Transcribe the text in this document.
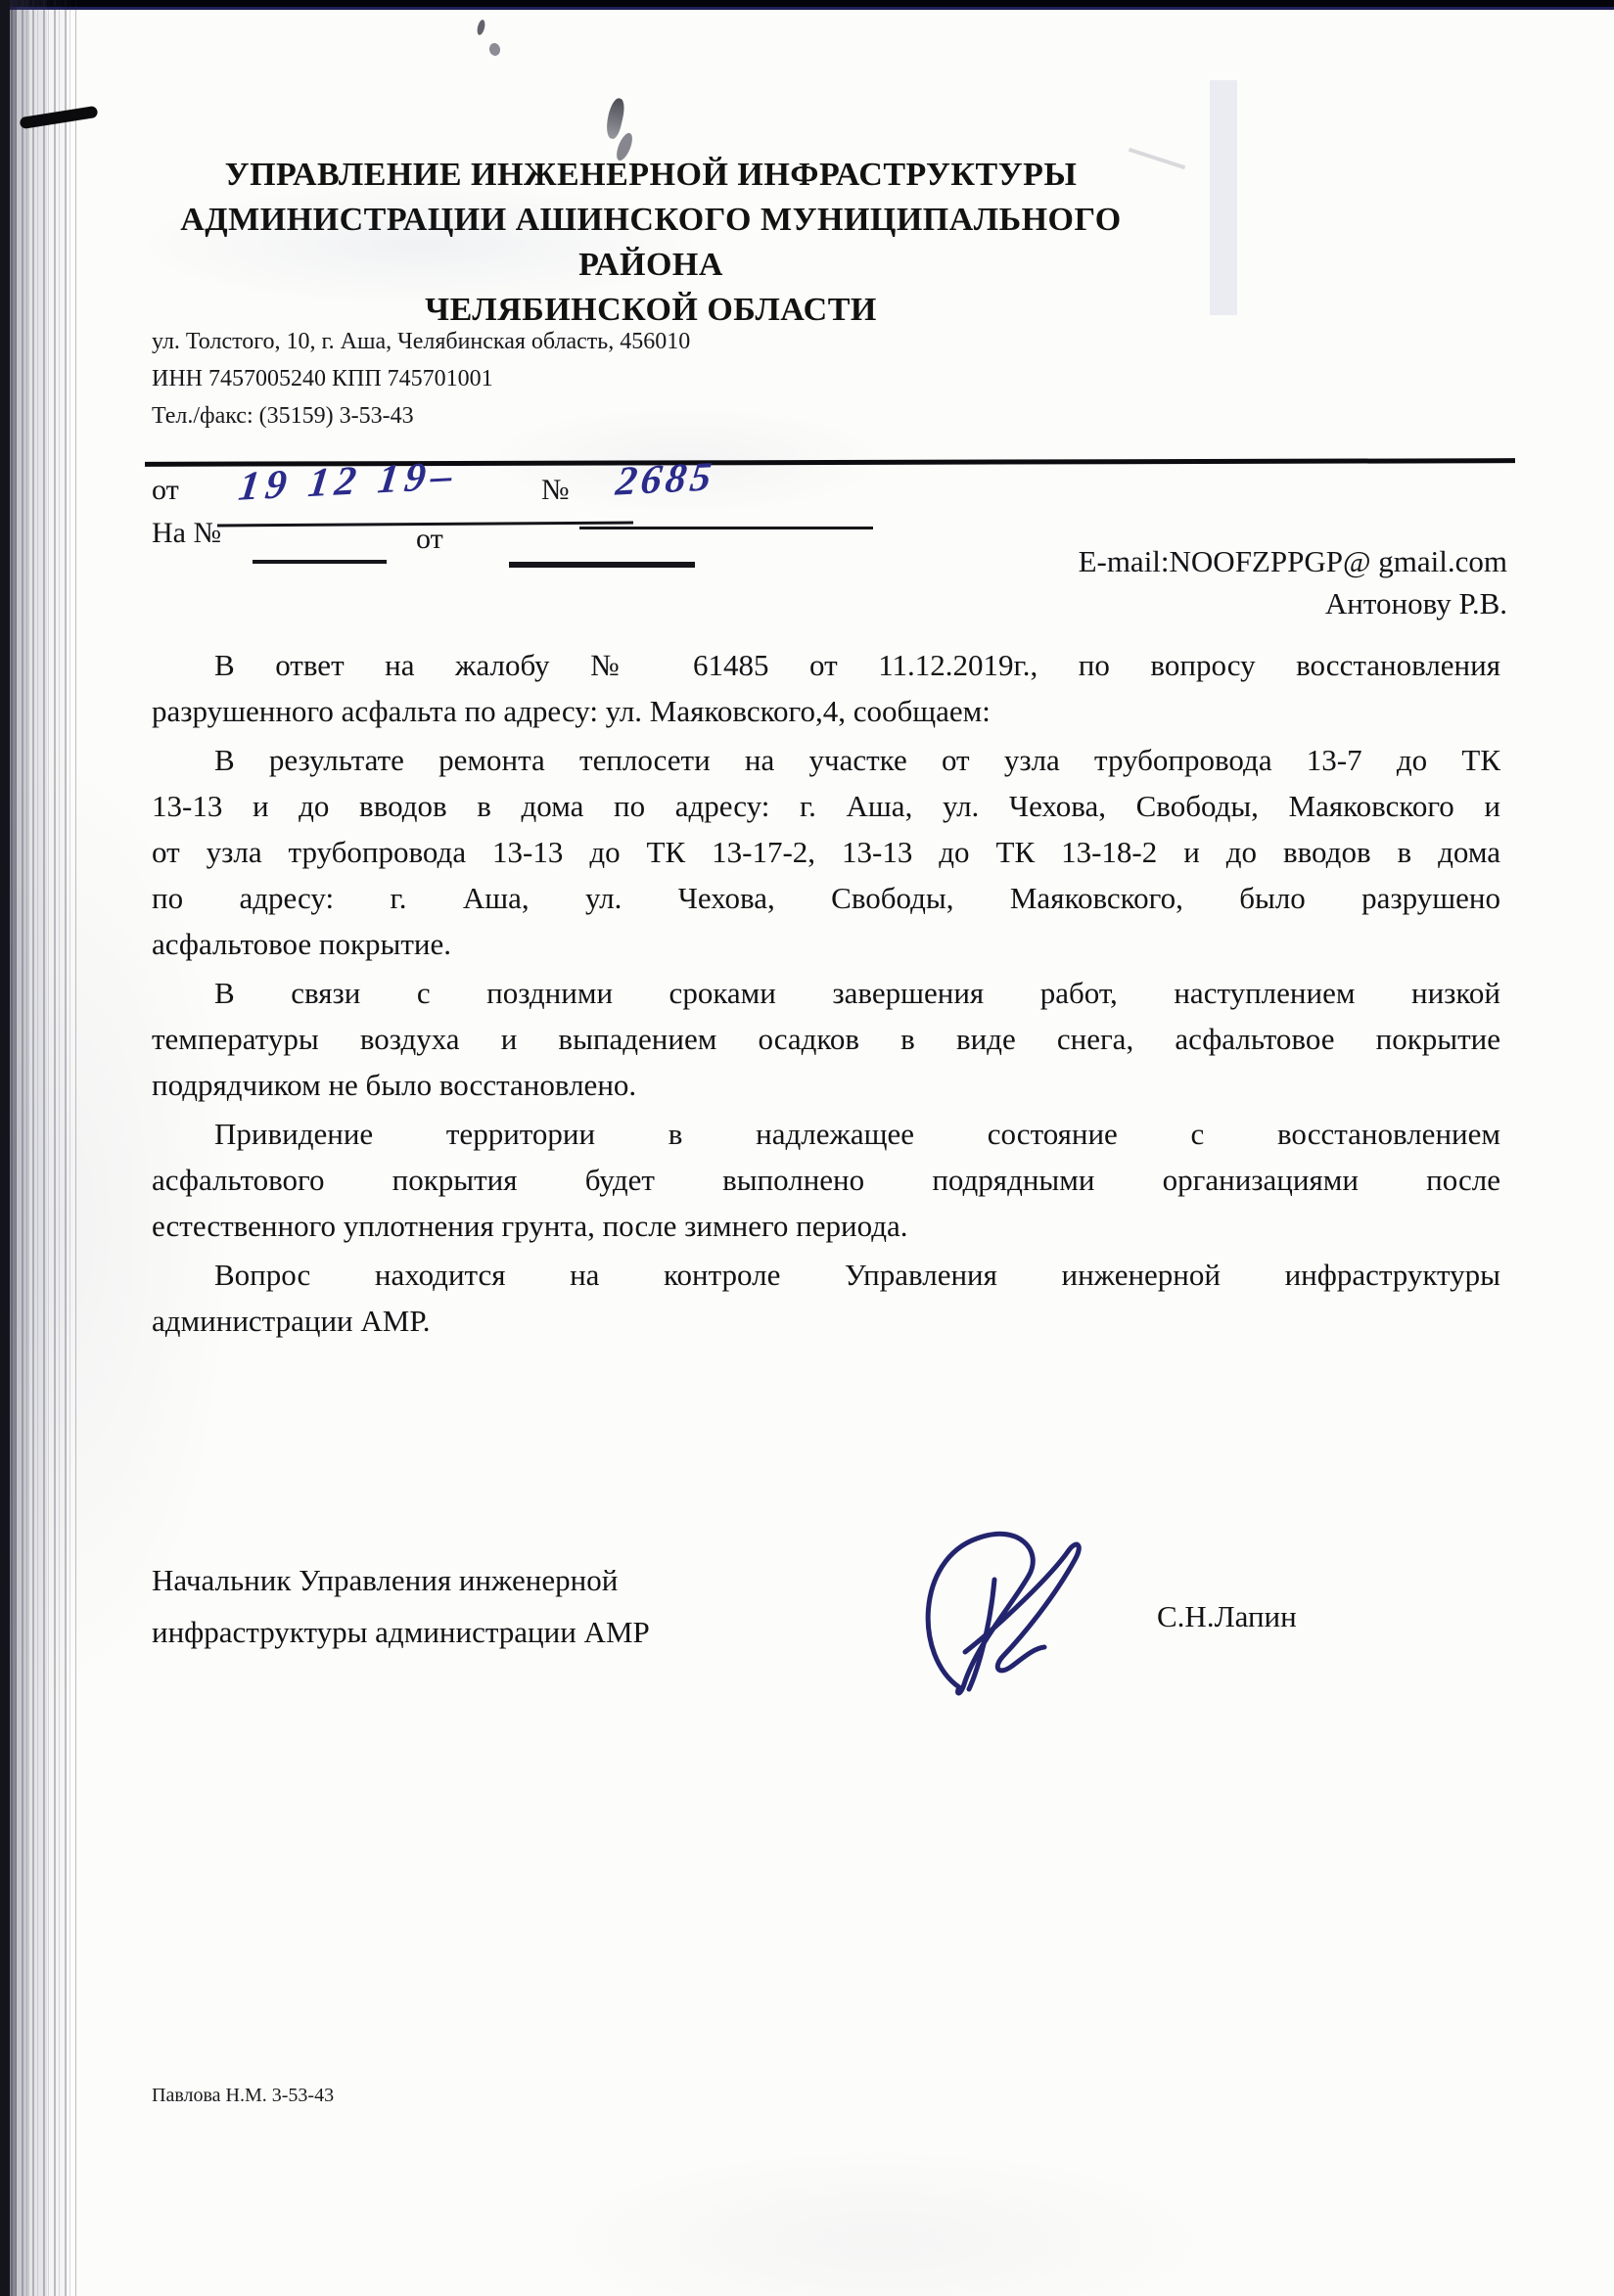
УПРАВЛЕНИЕ ИНЖЕНЕРНОЙ ИНФРАСТРУКТУРЫ
АДМИНИСТРАЦИИ АШИНСКОГО МУНИЦИПАЛЬНОГО РАЙОНА
ЧЕЛЯБИНСКОЙ ОБЛАСТИ
ул. Толстого, 10, г. Аша, Челябинская область, 456010
ИНН 7457005240 КПП 745701001
Тел./факс: (35159) 3-53-43
от 19 12 19–	№ 2685
На №	от
E-mail:NOOFZPPGP@ gmail.com
Антонову Р.В.
В ответ на жалобу № 61485 от 11.12.2019г., по вопросу восстановления
разрушенного асфальта по адресу: ул. Маяковского,4, сообщаем:
В результате ремонта теплосети на участке от узла трубопровода 13-7 до ТК
13-13 и до вводов в дома по адресу: г. Аша, ул. Чехова, Свободы, Маяковского и
от узла трубопровода 13-13 до ТК 13-17-2, 13-13 до ТК 13-18-2 и до вводов в дома
по адресу: г. Аша, ул. Чехова, Свободы, Маяковского, было разрушено
асфальтовое покрытие.
В связи с поздними сроками завершения работ, наступлением низкой
температуры воздуха и выпадением осадков в виде снега, асфальтовое покрытие
подрядчиком не было восстановлено.
Привидение территории в надлежащее состояние с восстановлением
асфальтового покрытия будет выполнено подрядными организациями после
естественного уплотнения грунта, после зимнего периода.
Вопрос находится на контроле Управления инженерной инфраструктуры
администрации АМР.
Начальник Управления инженерной
инфраструктуры администрации АМР	С.Н.Лапин
Павлова Н.М. 3-53-43
